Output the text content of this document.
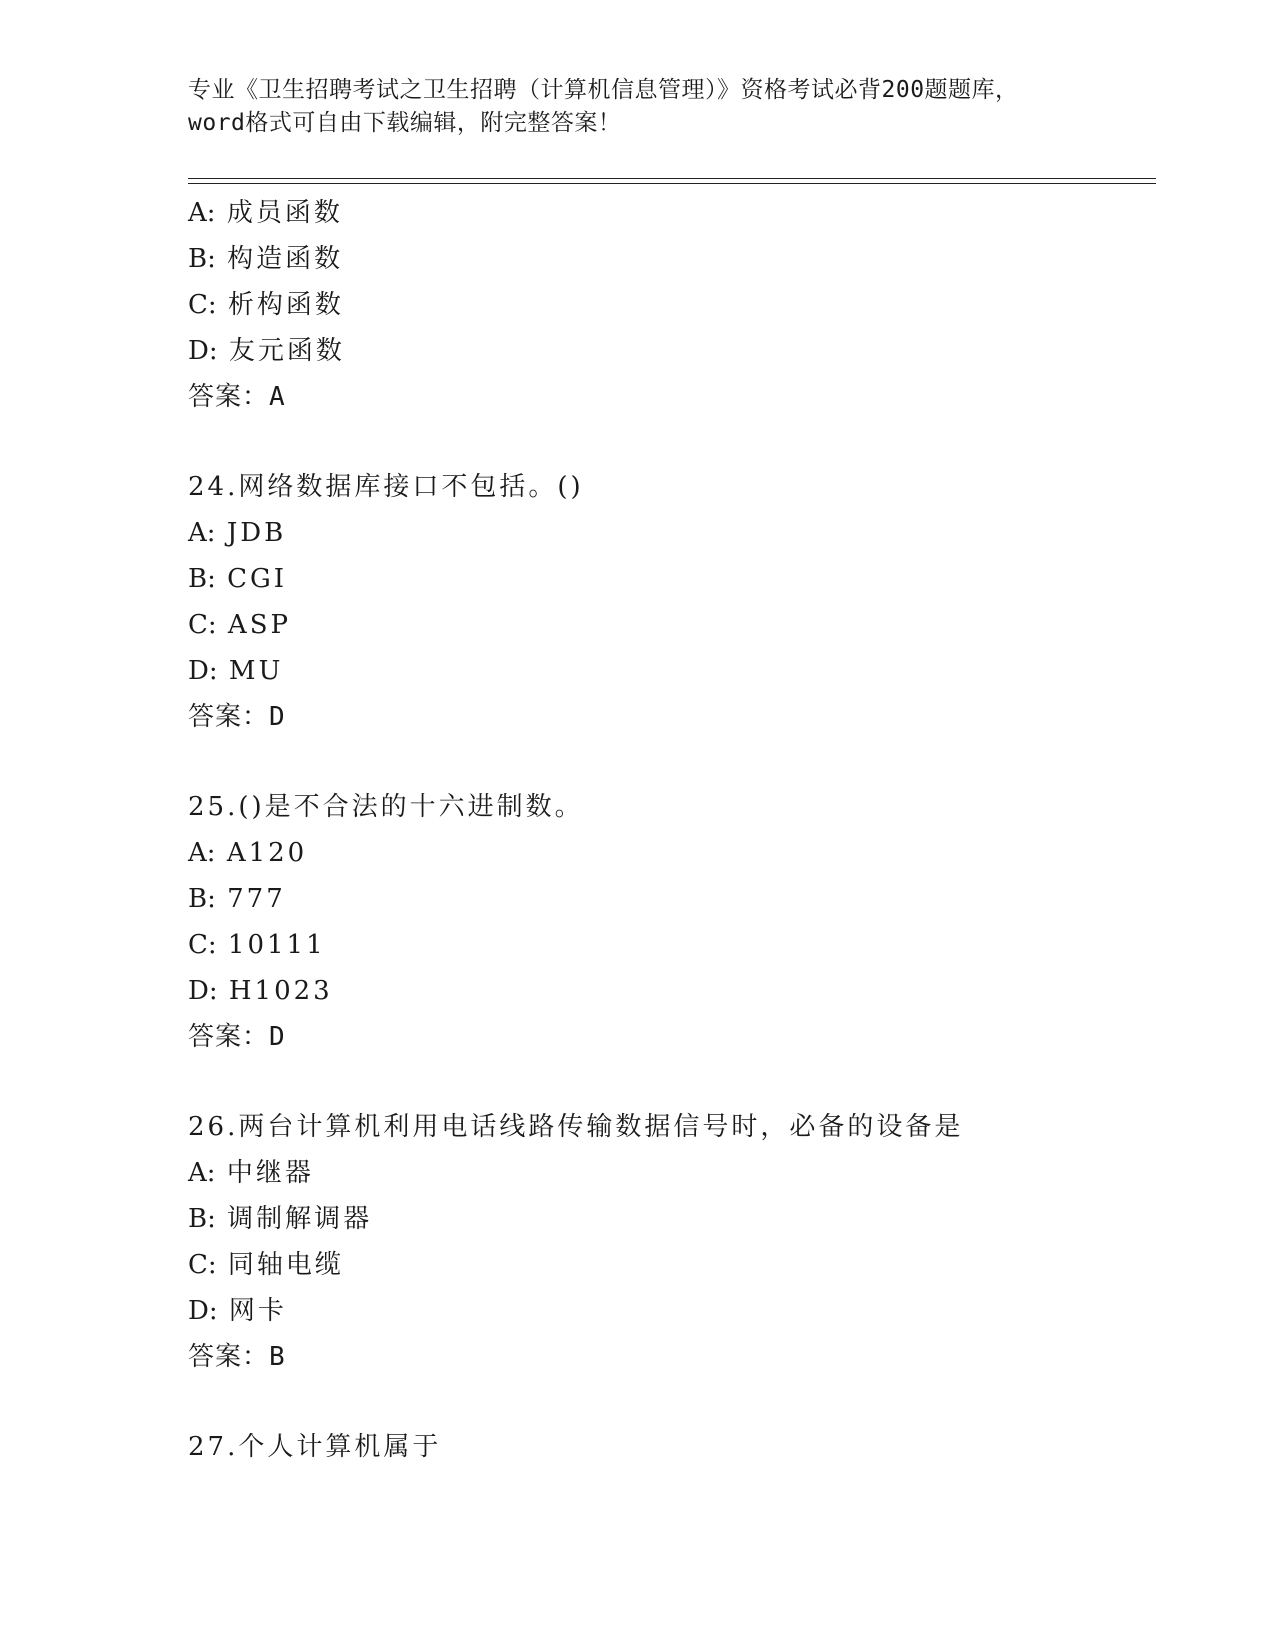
专业《卫生招聘考试之卫生招聘（计算机信息管理）》资格考试必背200题题库，
word格式可自由下载编辑，附完整答案！
A: 成员函数
B: 构造函数
C: 析构函数
D: 友元函数
答案：A
24.网络数据库接口不包括。()
A: JDB
B: CGI
C: ASP
D: MU
答案：D
25.()是不合法的十六进制数。
A: A120
B: 777
C: 10111
D: H1023
答案：D
26.两台计算机利用电话线路传输数据信号时，必备的设备是
A: 中继器
B: 调制解调器
C: 同轴电缆
D: 网卡
答案：B
27.个人计算机属于
